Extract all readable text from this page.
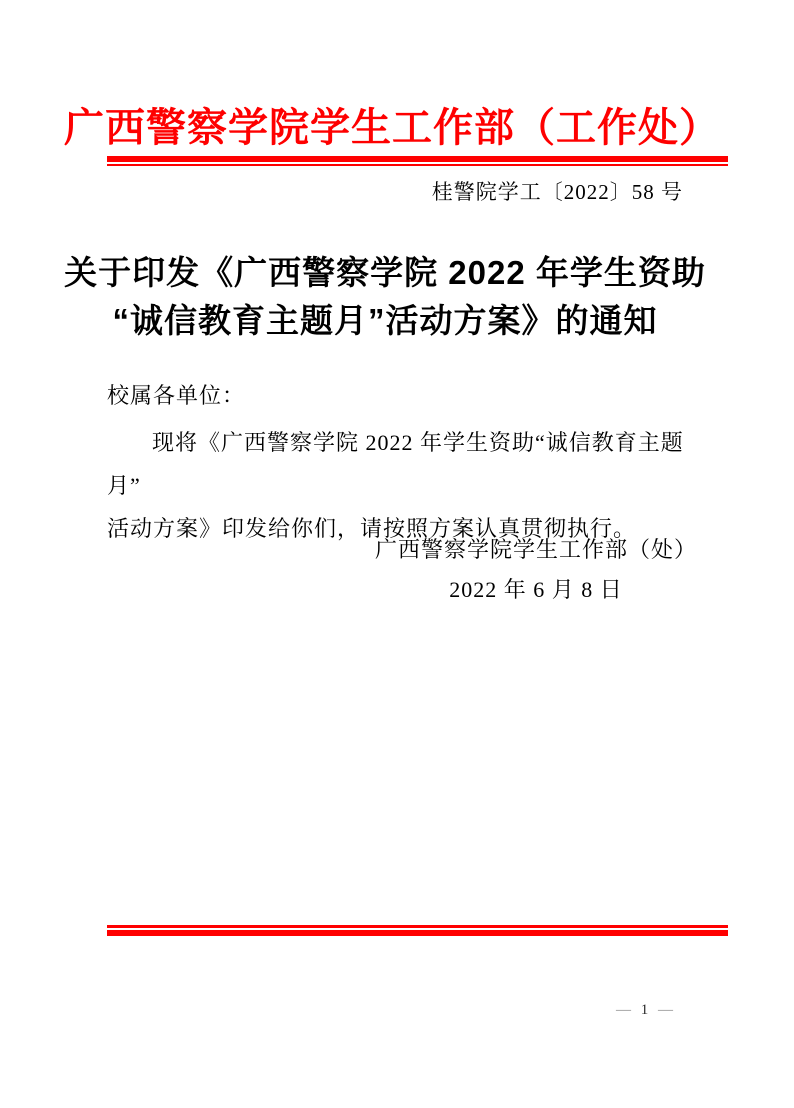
广西警察学院学生工作部（工作处）
桂警院学工〔2022〕58 号
关于印发《广西警察学院 2022 年学生资助
“诚信教育主题月”活动方案》的通知
校属各单位：
现将《广西警察学院 2022 年学生资助“诚信教育主题月”
活动方案》印发给你们，请按照方案认真贯彻执行。
广西警察学院学生工作部（处）
2022 年 6 月 8 日
— 1 —
